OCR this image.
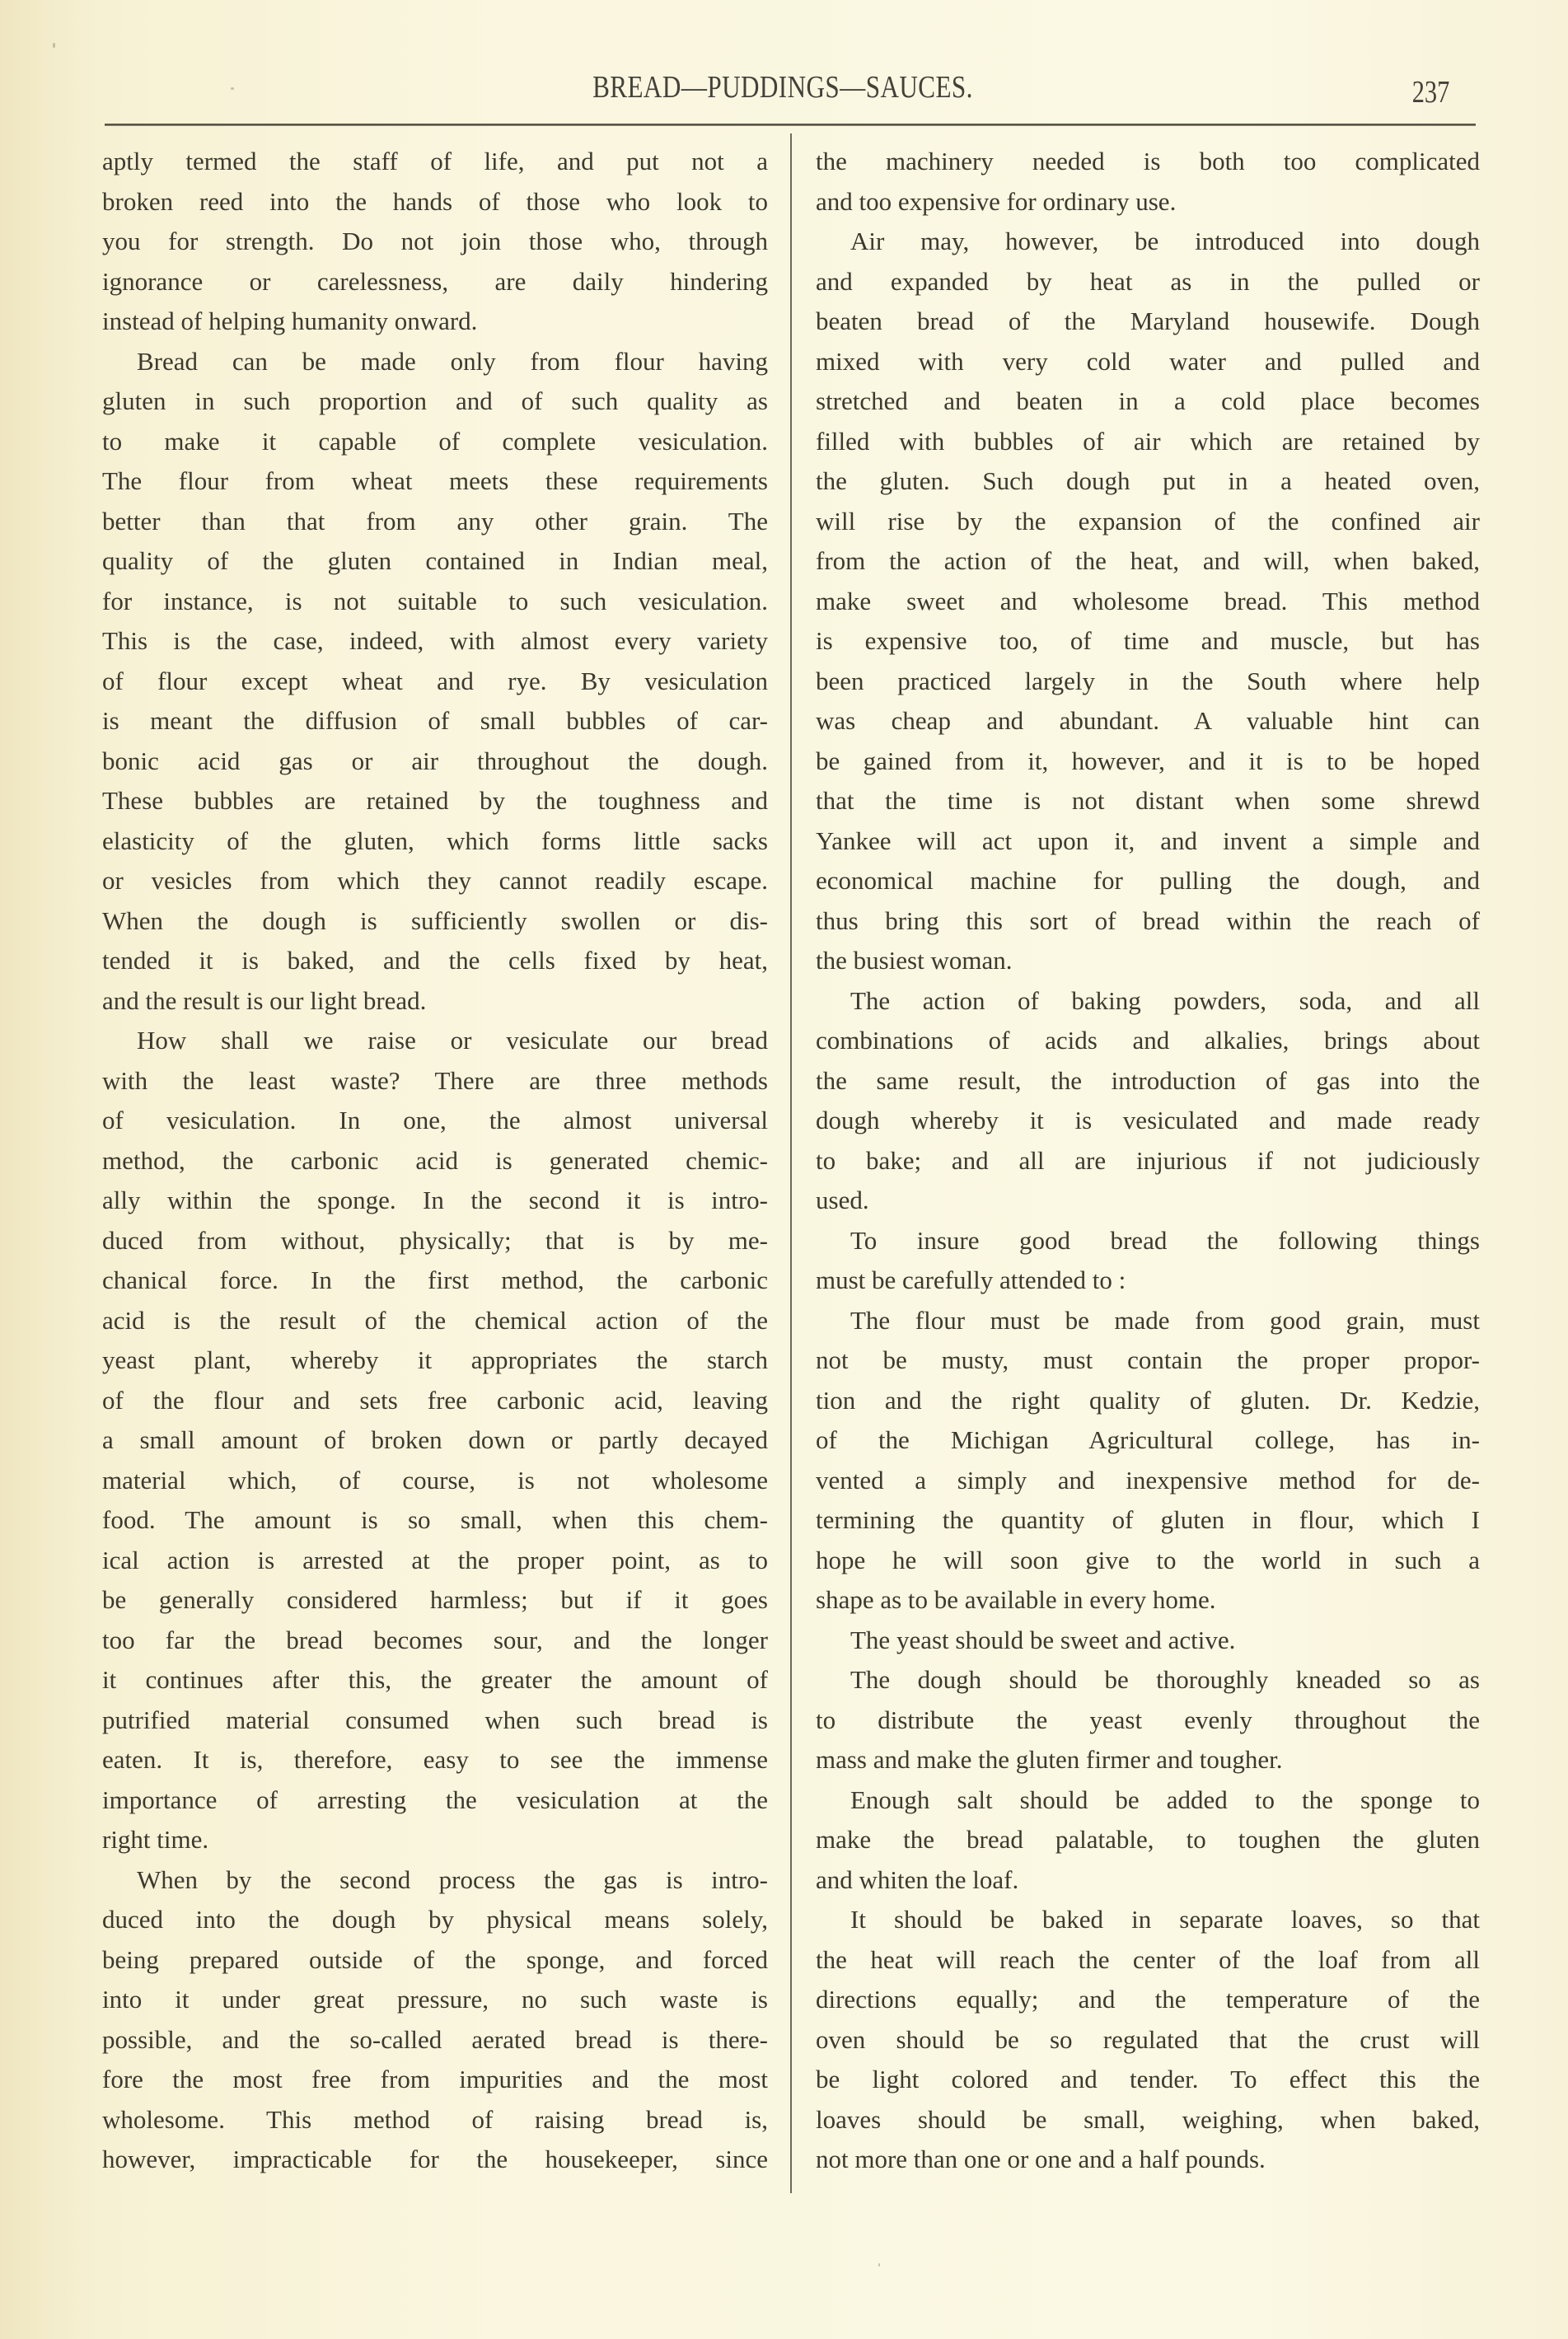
BREAD—PUDDINGS—SAUCES.	237

aptly termed the staff of life, and put not a
broken reed into the hands of those who look to
you for strength. Do not join those who, through
ignorance or carelessness, are daily hindering
instead of helping humanity onward.

Bread can be made only from flour having
gluten in such proportion and of such quality as
to make it capable of complete vesiculation.
The flour from wheat meets these requirements
better than that from any other grain. The
quality of the gluten contained in Indian meal,
for instance, is not suitable to such vesiculation.
This is the case, indeed, with almost every variety
of flour except wheat and rye. By vesiculation
is meant the diffusion of small bubbles of car-
bonic acid gas or air throughout the dough.
These bubbles are retained by the toughness and
elasticity of the gluten, which forms little sacks
or vesicles from which they cannot readily escape.
When the dough is sufficiently swollen or dis-
tended it is baked, and the cells fixed by heat,
and the result is our light bread.

How shall we raise or vesiculate our bread
with the least waste? There are three methods
of vesiculation. In one, the almost universal
method, the carbonic acid is generated chemic-
ally within the sponge. In the second it is intro-
duced from without, physically; that is by me-
chanical force. In the first method, the carbonic
acid is the result of the chemical action of the
yeast plant, whereby it appropriates the starch
of the flour and sets free carbonic acid, leaving
a small amount of broken down or partly decayed
material which, of course, is not wholesome
food. The amount is so small, when this chem-
ical action is arrested at the proper point, as to
be generally considered harmless; but if it goes
too far the bread becomes sour, and the longer
it continues after this, the greater the amount of
putrified material consumed when such bread is
eaten. It is, therefore, easy to see the immense
importance of arresting the vesiculation at the
right time.

When by the second process the gas is intro-
duced into the dough by physical means solely,
being prepared outside of the sponge, and forced
into it under great pressure, no such waste is
possible, and the so-called aerated bread is there-
fore the most free from impurities and the most
wholesome. This method of raising bread is,
however, impracticable for the housekeeper, since

the machinery needed is both too complicated
and too expensive for ordinary use.

Air may, however, be introduced into dough
and expanded by heat as in the pulled or
beaten bread of the Maryland housewife. Dough
mixed with very cold water and pulled and
stretched and beaten in a cold place becomes
filled with bubbles of air which are retained by
the gluten. Such dough put in a heated oven,
will rise by the expansion of the confined air
from the action of the heat, and will, when baked,
make sweet and wholesome bread. This method
is expensive too, of time and muscle, but has
been practiced largely in the South where help
was cheap and abundant. A valuable hint can
be gained from it, however, and it is to be hoped
that the time is not distant when some shrewd
Yankee will act upon it, and invent a simple and
economical machine for pulling the dough, and
thus bring this sort of bread within the reach of
the busiest woman.

The action of baking powders, soda, and all
combinations of acids and alkalies, brings about
the same result, the introduction of gas into the
dough whereby it is vesiculated and made ready
to bake; and all are injurious if not judiciously
used.

To insure good bread the following things
must be carefully attended to :

The flour must be made from good grain, must
not be musty, must contain the proper propor-
tion and the right quality of gluten. Dr. Kedzie,
of the Michigan Agricultural college, has in-
vented a simply and inexpensive method for de-
termining the quantity of gluten in flour, which I
hope he will soon give to the world in such a
shape as to be available in every home.

The yeast should be sweet and active.

The dough should be thoroughly kneaded so as
to distribute the yeast evenly throughout the
mass and make the gluten firmer and tougher.

Enough salt should be added to the sponge to
make the bread palatable, to toughen the gluten
and whiten the loaf.

It should be baked in separate loaves, so that
the heat will reach the center of the loaf from all
directions equally; and the temperature of the
oven should be so regulated that the crust will
be light colored and tender. To effect this the
loaves should be small, weighing, when baked,
not more than one or one and a half pounds.
